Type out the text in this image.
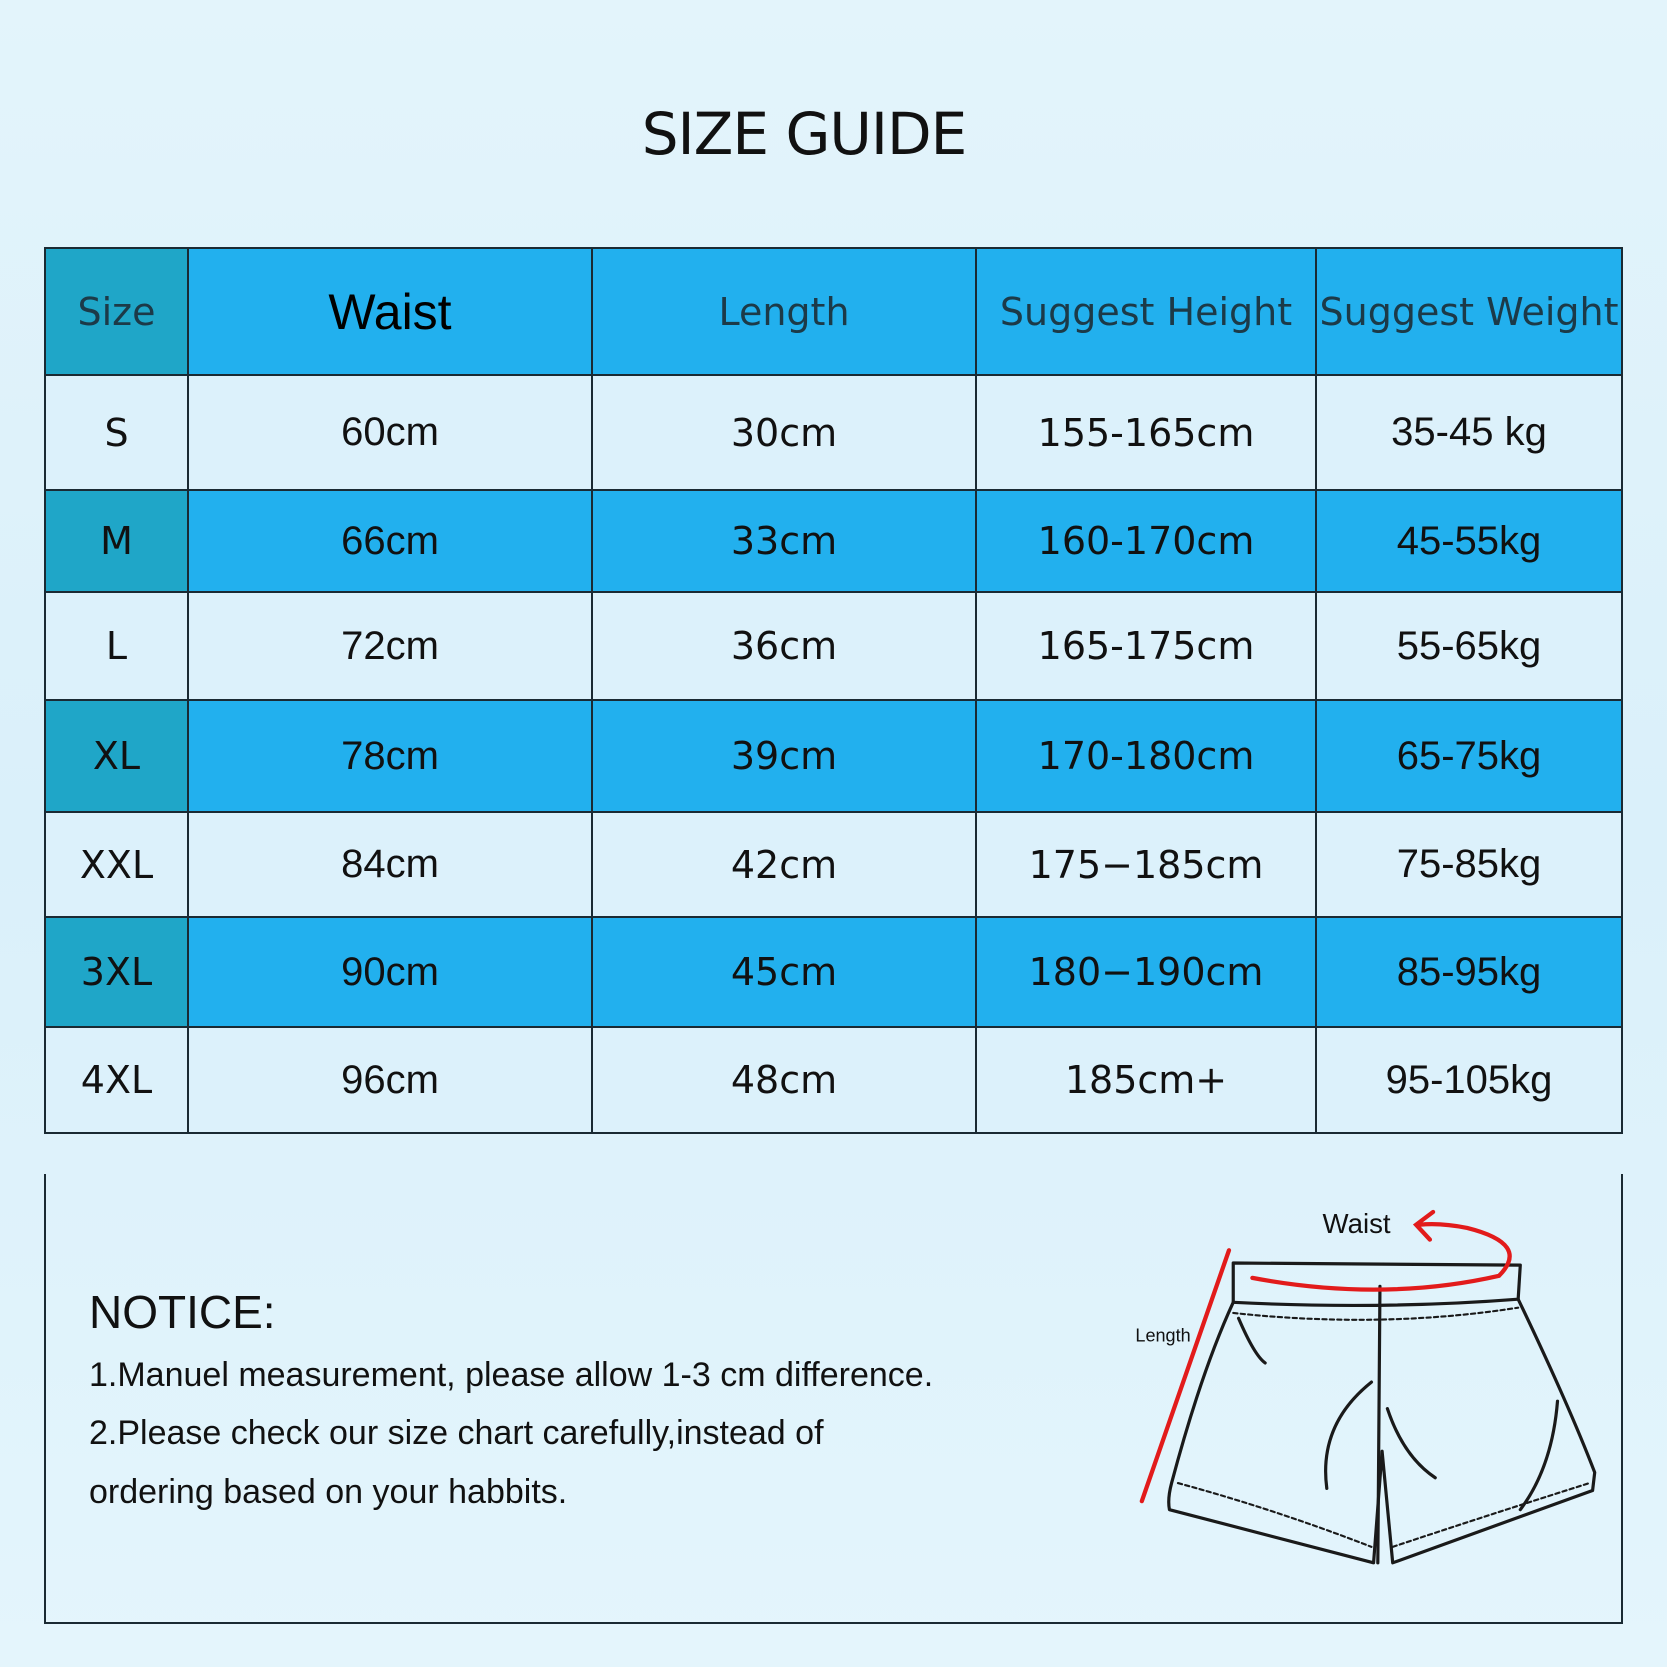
SIZE GUIDE
Size	Waist	Length	Suggest Height	Suggest Weight
S	60cm	30cm	155-165cm	35-45 kg
M	66cm	33cm	160-170cm	45-55kg
L	72cm	36cm	165-175cm	55-65kg
XL	78cm	39cm	170-180cm	65-75kg
XXL	84cm	42cm	175−185cm	75-85kg
3XL	90cm	45cm	180−190cm	85-95kg
4XL	96cm	48cm	185cm+	95-105kg
NOTICE:
1.Manuel measurement, please allow 1-3 cm difference.
2.Please check our size chart carefully,instead of
ordering based on your habbits.
Waist
Length
